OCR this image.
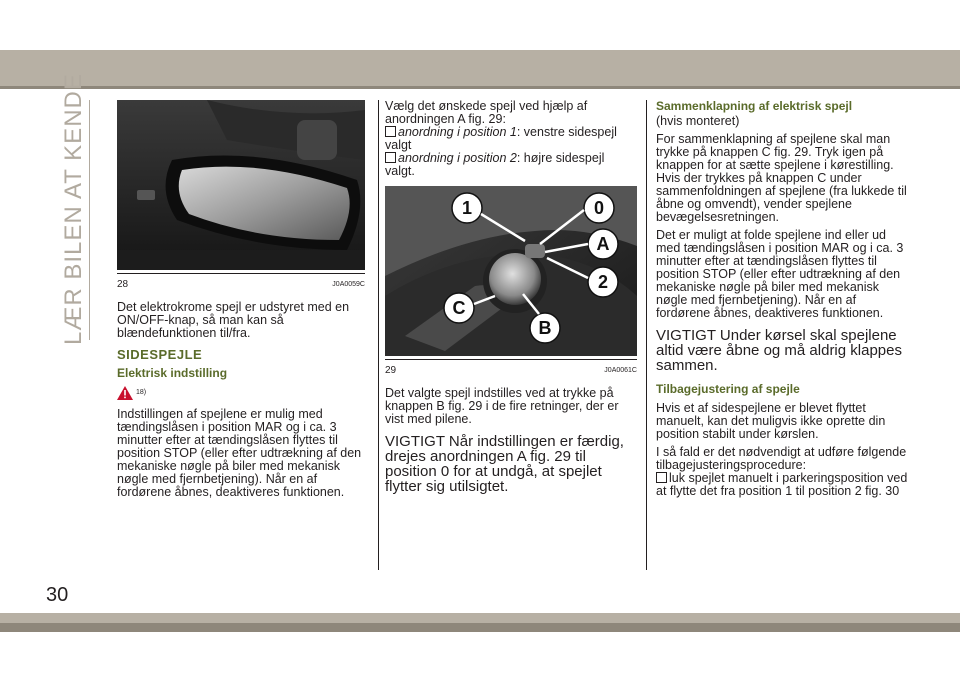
LÆR BILEN AT KENDE
30
28	J0A0059C

Det elektrokrome spejl er udstyret med en ON/OFF-knap, så man kan så blændefunktionen til/fra.

SIDESPEJLE
Elektrisk indstilling
18)

Indstillingen af spejlene er mulig med tændingslåsen i position MAR og i ca. 3 minutter efter at tændingslåsen flyttes til position STOP (eller efter udtrækning af den mekaniske nøgle på biler med mekanisk nøgle med fjernbetjening). Når en af fordørene åbnes, deaktiveres funktionen.

Vælg det ønskede spejl ved hjælp af anordningen A fig. 29:

anordning i position 1: venstre sidespejl valgt
anordning i position 2: højre sidespejl valgt.
1	0
A
2
C
B
29	J0A0061C

Det valgte spejl indstilles ved at trykke på knappen B fig. 29 i de fire retninger, der er vist med pilene.

VIGTIGT Når indstillingen er færdig, drejes anordningen A fig. 29 til position 0 for at undgå, at spejlet flytter sig utilsigtet.

Sammenklapning af elektrisk spejl

(hvis monteret)

For sammenklapning af spejlene skal man trykke på knappen C fig. 29. Tryk igen på knappen for at sætte spejlene i kørestilling. Hvis der trykkes på knappen C under sammenfoldningen af spejlene (fra lukkede til åbne og omvendt), vender spejlene bevægelsesretningen.

Det er muligt at folde spejlene ind eller ud med tændingslåsen i position MAR og i ca. 3 minutter efter at tændingslåsen flyttes til position STOP (eller efter udtrækning af den mekaniske nøgle på biler med mekanisk nøgle med fjernbetjening). Når en af fordørene åbnes, deaktiveres funktionen.

VIGTIGT Under kørsel skal spejlene altid være åbne og må aldrig klappes sammen.

Tilbagejustering af spejle

Hvis et af sidespejlene er blevet flyttet manuelt, kan det muligvis ikke oprette din position stabilt under kørslen.

I så fald er det nødvendigt at udføre følgende tilbagejusteringsprocedure:

luk spejlet manuelt i parkeringsposition ved at flytte det fra position 1 til position 2 fig. 30
